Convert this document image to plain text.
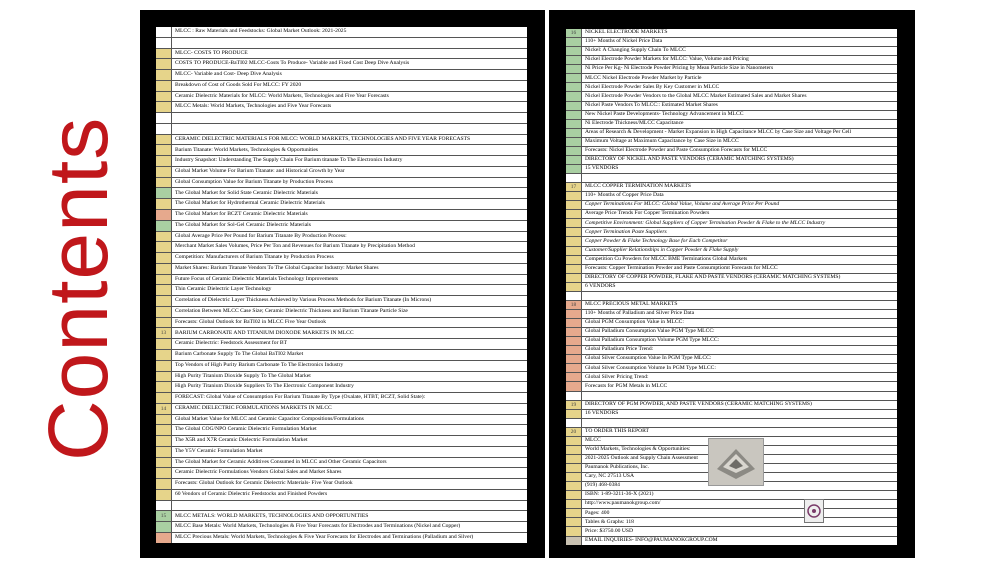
Contents
MLCC : Raw Materials and Feedstocks: Global Market Outlook: 2021-2025
MLCC- COSTS TO PRODUCE
COSTS TO PRODUCE-BaTI02 MLCC-Costs To Produce- Variable and Fixed Cost Deep Dive Analysis
MLCC- Variable and Cost- Deep Dive Analysis
Breakdown of Cost of Goods Sold For MLCC: FY 2020
Ceramic Dielectric Materials for MLCC: World Markets, Technologies and Five Year Forecasts
MLCC Metals: World Markets, Technologies and Five Year Forecasts
CERAMIC DIELECTRIC MATERIALS FOR MLCC: WORLD MARKETS, TECHNOLOGIES AND FIVE YEAR FORECASTS
Barium Titanate: World Markets, Technologies & Opportunities
Industry Snapshot: Understanding The Supply Chain For Barium titanate To The Electronics Industry
Global Market Volume For Barium Titanate: and Historical Growth by Year
Global Consumption Value for Barium Titanate by Production Process
The Global Market for Solid State Ceramic Dielectric Materials
The Global Market for Hydrothermal Ceramic Dielectric Materials
The Global Market for BCZT Ceramic Dielectric Materials
The Global Market for Sol-Gel Ceramic Dielectric Materials
Global Average Price Per Pound for Barium Titanate By Production Process:
Merchant Market Sales Volumes, Price Per Ton and Revenues for Barium Titanate by Precipitation Method
Competition: Manufacturers of Barium Titanate by Production Process
Market Shares: Barium Titanate Vendors To The Global Capacitor Industry: Market Shares
Future Focus of Ceramic Dielectric Materials Technology Improvements
Thin Ceramic Dielectric Layer Technology
Correlation of Dielectric Layer Thickness Achieved by Various Process Methods for Barium Titanate (In Microns)
Correlation Between MLCC Case Size; Ceramic Dielectric Thickness and Barium Titanate Particle Size
Forecasts: Global Outlook for BaTI02 in MLCC Five Year Outlook
13	BARIUM CARBONATE AND TITANIUM DIOXODE MARKETS IN MLCC
Ceramic Dielectric: Feedstock Assessment for BT
Barium Carbonate Supply To The Global BaTI02 Market
Top Vendors of High Purity Barium Carbonate To The Electronics Industry
High Purity Titanium Dioxide Supply To The Global Market
High Purity Titanium Dioxide Suppliers To The Electronic Component Industry
FORECAST: Global Value of Consumption For Barium Titanate By Type (Oxalate, HTBT, BCZT, Solid State):
14	CERAMIC DIELECTRIC FORMULATIONS MARKETS IN MLCC
Global Market Value for MLCC and Ceramic Capacitor Compositions/Formulations
The Global COG/NPO Ceramic Dielectric Formulation Market
The X5R and X7R Ceramic Dielectric Formulation Market
The Y5V Ceramic Formulation Market
The Global Market for Ceramic Additives Consumed in MLCC and Other Ceramic Capacitors
Ceramic Dielectric Formulations Vendors Global Sales and Market Shares
Forecasts: Global Outlook for Ceramic Dielectric Materials- Five Year Outlook
60 Vendors of Ceramic Dielectric Feedstocks and Finished Powders
15	MLCC METALS: WORLD MARKETS, TECHNOLOGIES AND OPPORTUNITIES
MLCC Base Metals: World Markets, Technologies & Five Year Forecasts for Electrodes and Terminations (Nickel and Copper)
MLCC Precious Metals: World Markets, Technologies & Five Year Forecasts for Electrodes and Terminations (Palladium and Silver)
16	NICKEL ELECTRODE MARKETS
110+ Months of Nickel Price Data
Nickel: A Changing Supply Chain To MLCC
Nickel Electrode Powder Markets for MLCC: Value, Volume and Pricing
Ni Price Per Kg- Ni Electrode Powder Pricing by Mean Particle Size in Nanometers
MLCC Nickel Electrode Powder Market by Particle
Nickel Electrode Powder Sales By Key Customer in MLCC
Nickel Electrode Powder Vendors to the Global MLCC Market Estimated Sales and Market Shares
Nickel Paste Vendors To MLCC:: Estimated Market Shares
New Nickel Paste Developments- Technology Advancement in MLCC
Ni Electrode Thickness/MLCC Capacitance
Areas of Research & Development - Market Expansion in High Capacitance MLCC by Case Size and Voltage Per Cell
Maximum Voltage at Maximum Capacitance by Case Size in MLCC
Forecasts: Nickel Electrode Powder and Paste Consumption Forecasts for MLCC
DIRECTORY OF NICKEL AND PASTE VENDORS (CERAMIC MATCHING SYSTEMS)
15 VENDORS
17	MLCC COPPER TERMINATION MARKETS
110+ Months of Copper Price Data
Copper Terminations For MLCC: Global Value, Volume and Average Price Per Pound
Average Price Trends For Copper Termination Powders
Competitive Environment: Global Suppliers of Copper Termination Powder & Flake to the MLCC Industry
Copper Termination Paste Suppliers
Copper Powder & Flake Technology Base for Each Competitor
Customer/Supplier Relationships in Copper Powder & Flake Supply
Competition Cu Powders for MLCC BME Terminations Global Markets
Forecasts: Copper Termination Powder and Paste Consumptiomt Forecasts for MLCC
DIRECTORY OF COPPER POWDER, FLAKE AND PASTE VENDORS (CERAMIC MATCHING SYSTEMS)
6 VENDORS
18	MLCC PRECIOUS METAL MARKETS
110+ Months of Palladium and Silver Price Data
Global PGM Consumption Value in MLCC:
Global Palladium Consumption Value PGM Type MLCC:
Global Palladium Consumption Volume PGM Type MLCC:
Global Palladium Price Trend:
Global Silver Consumption Value In PGM Type MLCC:
Global Silver Consumption Volume In PGM Type MLCC:
Global Silver Pricing Trend:
Forecasts for PGM Metals in MLCC
19	DIRECTORY OF PGM POWDER, AND PASTE VENDORS (CERAMIC MATCHING SYSTEMS)
16 VENDORS
20	TO ORDER THIS REPORT
MLCC
World Markets, Technologies & Opportunities:
2021-2025 Outlook and Supply Chain Assessment
Paumanok Publications, Inc.
Cary, NC 27513 USA
(919) 468-0384
ISBN: 1-89-3211-36-X (2021)
http://www.paumanokgroup.com/
Pages: 400
Tables & Graphs: 118
Price: $3750.00 USD
EMAIL INQUIRIES- INFO@PAUMANOKGROUP.COM
